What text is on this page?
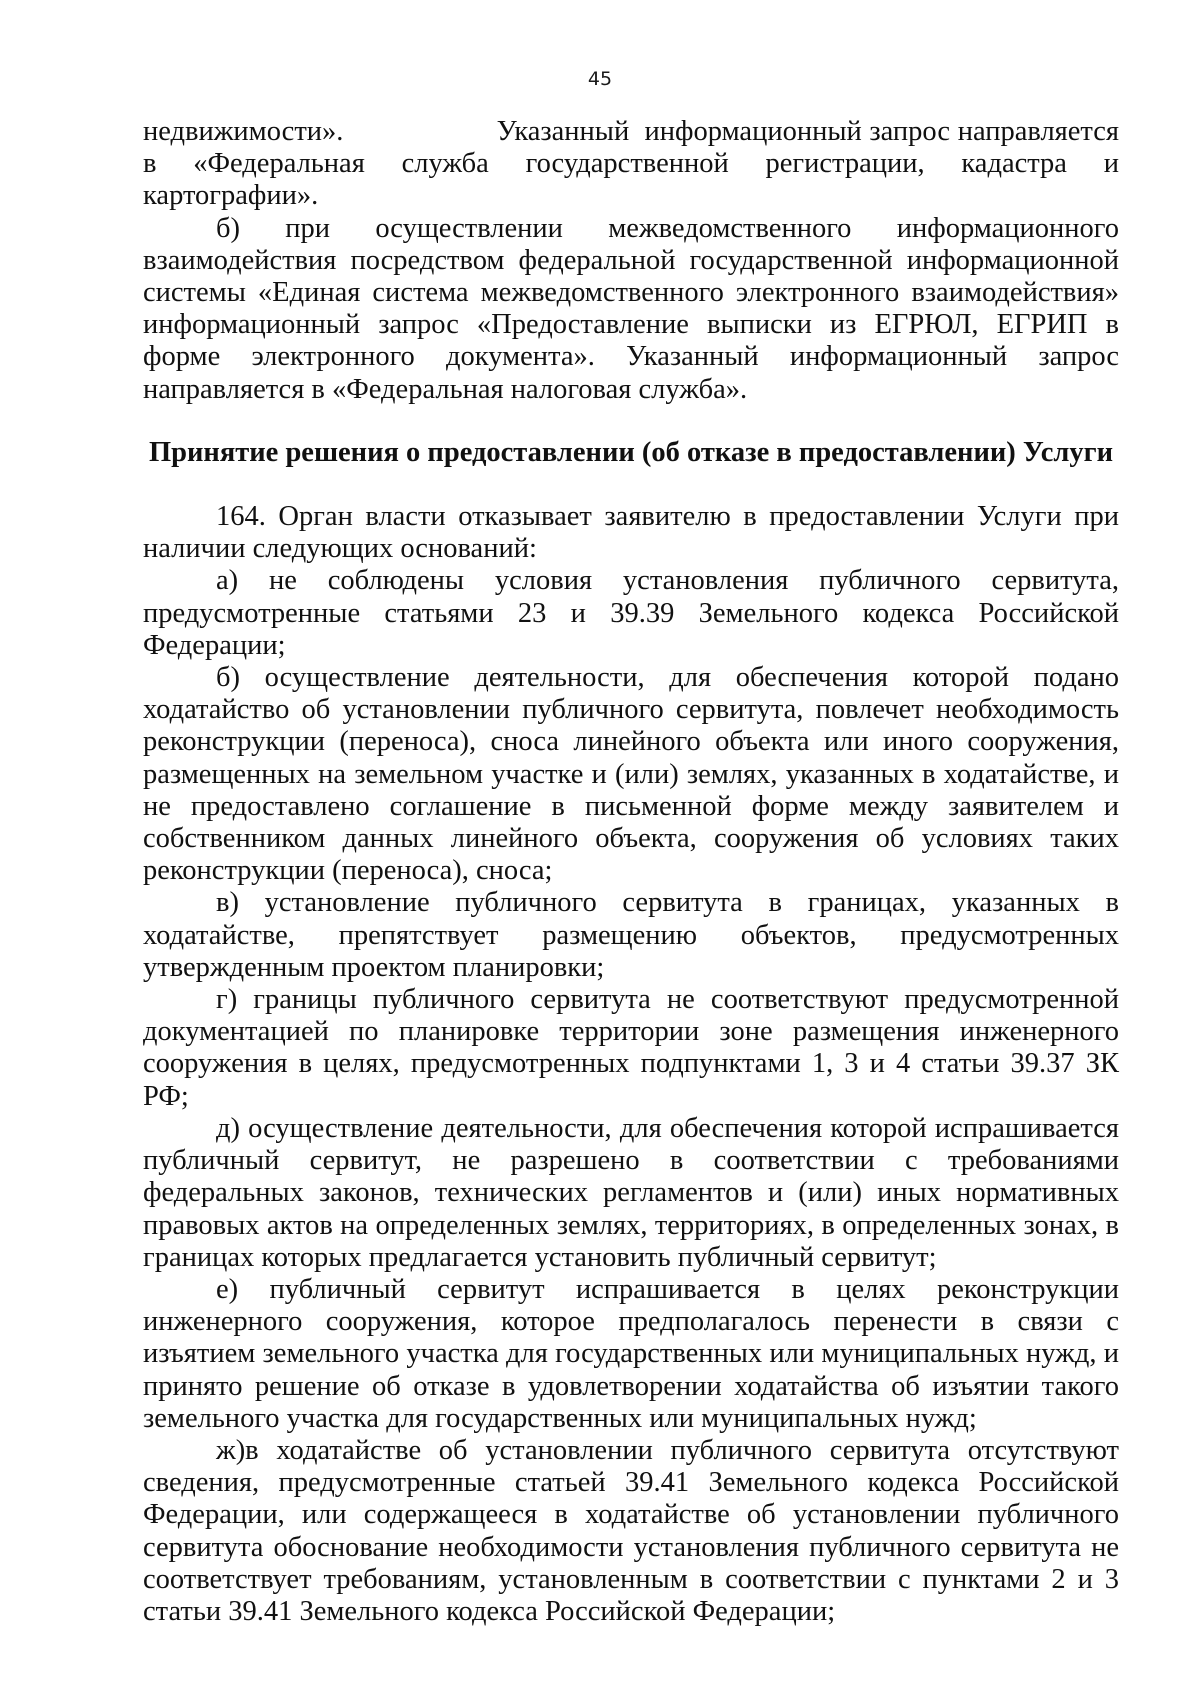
45

недвижимости».                    Указанный  информационный запрос направляется в «Федеральная служба государственной регистрации, кадастра и картографии».

б) при осуществлении межведомственного информационного взаимодействия посредством федеральной государственной информационной системы «Единая система межведомственного электронного взаимодействия» информационный запрос «Предоставление выписки из ЕГРЮЛ, ЕГРИП в форме электронного документа». Указанный информационный запрос направляется в «Федеральная налоговая служба».

Принятие решения о предоставлении (об отказе в предоставлении) Услуги

164. Орган власти отказывает заявителю в предоставлении Услуги при наличии следующих оснований:

а) не соблюдены условия установления публичного сервитута, предусмотренные статьями 23 и 39.39 Земельного кодекса Российской Федерации;

б) осуществление деятельности, для обеспечения которой подано ходатайство об установлении публичного сервитута, повлечет необходимость реконструкции (переноса), сноса линейного объекта или иного сооружения, размещенных на земельном участке и (или) землях, указанных в ходатайстве, и не предоставлено соглашение в письменной форме между заявителем и собственником данных линейного объекта, сооружения об условиях таких реконструкции (переноса), сноса;

в) установление публичного сервитута в границах, указанных в ходатайстве, препятствует размещению объектов, предусмотренных утвержденным проектом планировки;

г) границы публичного сервитута не соответствуют предусмотренной документацией по планировке территории зоне размещения инженерного сооружения в целях, предусмотренных подпунктами 1, 3 и 4 статьи 39.37 ЗК РФ;

д) осуществление деятельности, для обеспечения которой испрашивается публичный сервитут, не разрешено в соответствии с требованиями федеральных законов, технических регламентов и (или) иных нормативных правовых актов на определенных землях, территориях, в определенных зонах, в границах которых предлагается установить публичный сервитут;

е) публичный сервитут испрашивается в целях реконструкции инженерного сооружения, которое предполагалось перенести в связи с изъятием земельного участка для государственных или муниципальных нужд, и принято решение об отказе в удовлетворении ходатайства об изъятии такого земельного участка для государственных или муниципальных нужд;

ж)в ходатайстве об установлении публичного сервитута отсутствуют сведения, предусмотренные статьей 39.41 Земельного кодекса Российской Федерации, или содержащееся в ходатайстве об установлении публичного сервитута обоснование необходимости установления публичного сервитута не соответствует требованиям, установленным в соответствии с пунктами 2 и 3 статьи 39.41 Земельного кодекса Российской Федерации;
